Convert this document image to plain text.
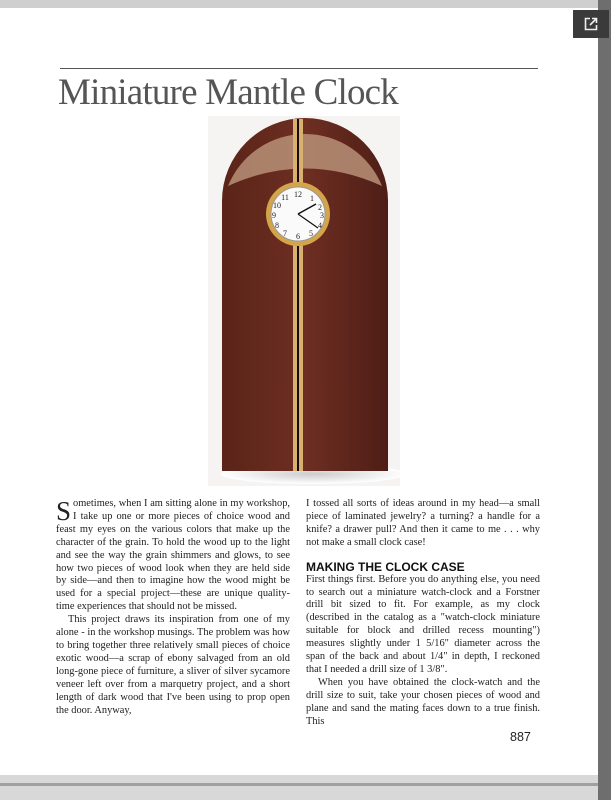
Miniature Mantle Clock
12 1
2
3
4
5
6
7
8
9
10
11

Sometimes, when I am sitting alone in my workshop, I take up one or more pieces of choice wood and feast my eyes on the various colors that make up the character of the grain. To hold the wood up to the light and see the way the grain shimmers and glows, to see how two pieces of wood look when they are held side by side—and then to imagine how the wood might be used for a special project—these are unique quality-time experiences that should not be missed.

This project draws its inspiration from one of my alone - in the workshop musings. The problem was how to bring together three relatively small pieces of choice exotic wood—a scrap of ebony salvaged from an old long-gone piece of furniture, a sliver of silver sycamore veneer left over from a marquetry project, and a short length of dark wood that I've been using to prop open the door. Anyway,

I tossed all sorts of ideas around in my head—a small piece of laminated jewelry? a turning? a handle for a knife? a drawer pull? And then it came to me . . . why not make a small clock case!

MAKING THE CLOCK CASE

First things first. Before you do anything else, you need to search out a miniature watch-clock and a Forstner drill bit sized to fit. For example, as my clock (described in the catalog as a "watch-clock miniature suitable for block and drilled recess mounting") measures slightly under 1 5/16" diameter across the span of the back and about 1/4" in depth, I reckoned that I needed a drill size of 1 3/8".

When you have obtained the clock-watch and the drill size to suit, take your chosen pieces of wood and plane and sand the mating faces down to a true finish. This

887
